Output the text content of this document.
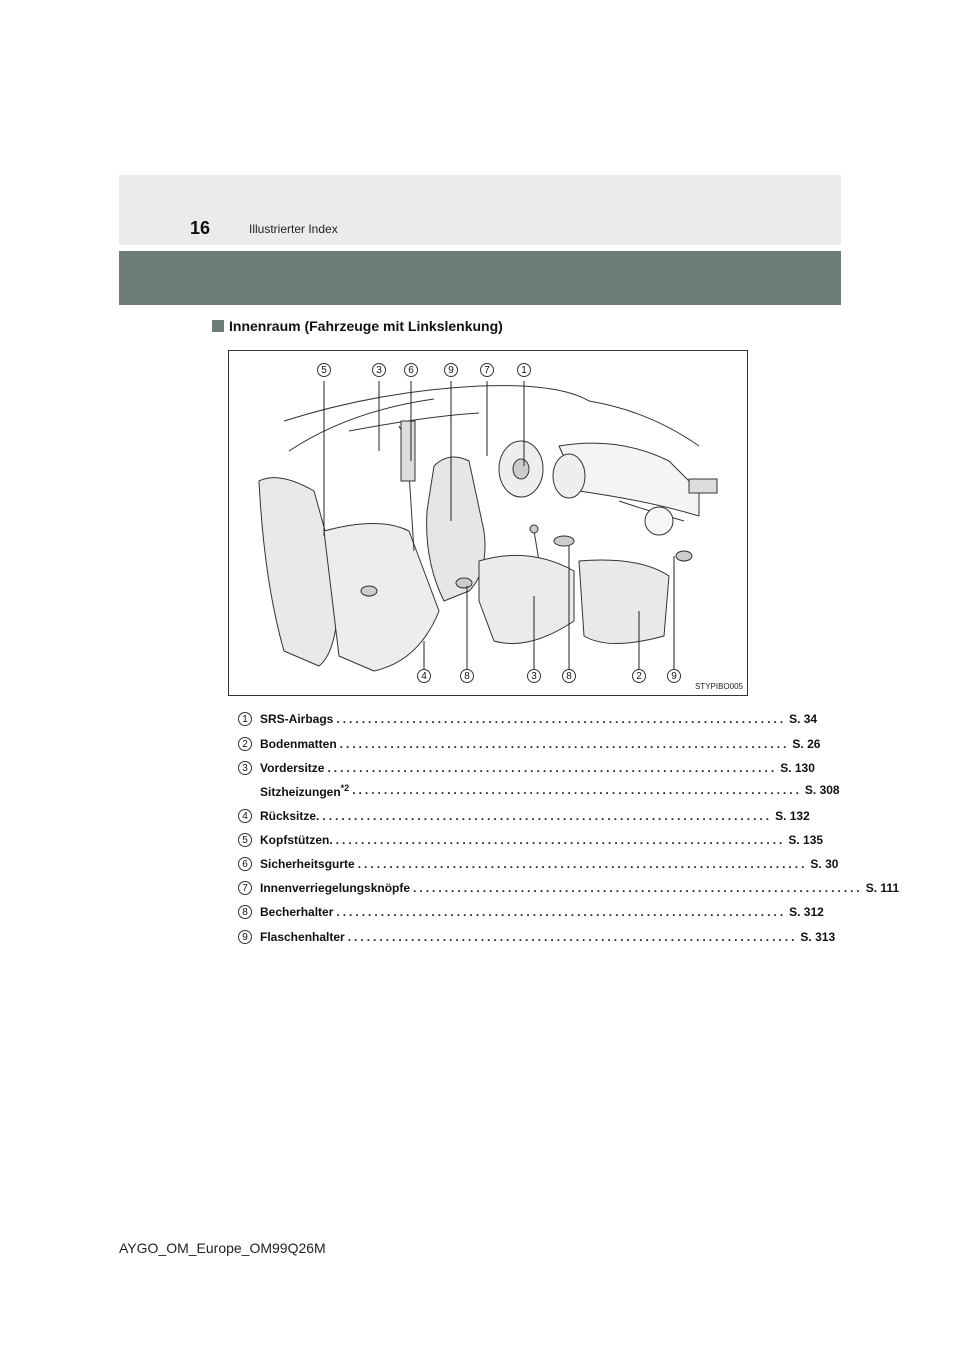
16	Illustrierter Index
Innenraum (Fahrzeuge mit Linkslenkung)
5	3	6	9	7	1
4	8	3	8	2	9
STYPIBO005
1	SRS-Airbags ....................................................................... S. 34
2	Bodenmatten ....................................................................... S. 26
3	Vordersitze ....................................................................... S. 130
Sitzheizungen$^{*2}$ ....................................................................... S. 308
4	Rücksitze. ....................................................................... S. 132
5	Kopfstützen. ....................................................................... S. 135
6	Sicherheitsgurte ....................................................................... S. 30
7	Innenverriegelungsknöpfe ....................................................................... S. 111
8	Becherhalter ....................................................................... S. 312
9	Flaschenhalter ....................................................................... S. 313
AYGO_OM_Europe_OM99Q26M
